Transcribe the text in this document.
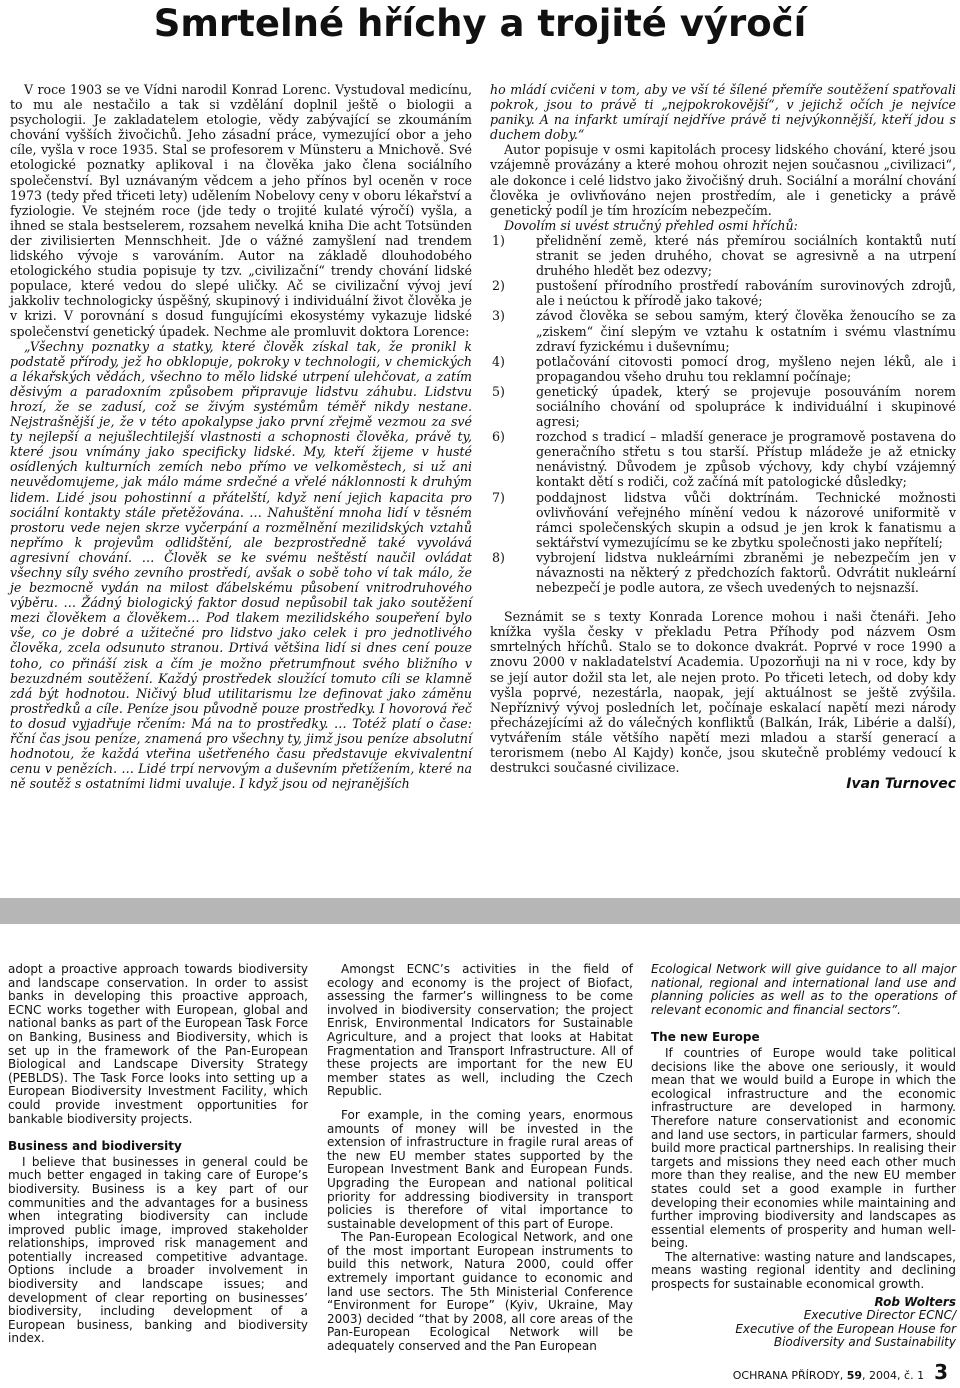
Smrtelné hříchy a trojité výročí

V roce 1903 se ve Vídni narodil Konrad Lorenc. Vystudoval medicínu, to mu ale nestačilo a tak si vzdělání doplnil ještě o biologii a psychologii. Je zakladatelem etologie, vědy zabývající se zkoumáním chování vyšších živočichů. Jeho zásadní práce, vymezující obor a jeho cíle, vyšla v roce 1935. Stal se profesorem v Münsteru a Mnichově. Své etologické poznatky aplikoval i na člověka jako člena sociálního společenství. Byl uznávaným vědcem a jeho přínos byl oceněn v roce 1973 (tedy před třiceti lety) udělením Nobelovy ceny v oboru lékařství a fyziologie. Ve stejném roce (jde tedy o trojité kulaté výročí) vyšla, a ihned se stala bestselerem, rozsahem nevelká kniha Die acht Totsünden der zivilisierten Mennschheit. Jde o vážné zamyšlení nad trendem lidského vývoje s varováním. Autor na základě dlouhodobého etologického studia popisuje ty tzv. „civilizační“ trendy chování lidské populace, které vedou do slepé uličky. Ač se civilizační vývoj jeví jakkoliv technologicky úspěšný, skupinový i individuální život člověka je v krizi. V porovnání s dosud fungujícími ekosystémy vykazuje lidské společenství genetický úpadek. Nechme ale promluvit doktora Lorence:

„Všechny poznatky a statky, které člověk získal tak, že pronikl k podstatě přírody, jež ho obklopuje, pokroky v technologii, v chemických a lékařských vědách, všechno to mělo lidské utrpení ulehčovat, a zatím děsivým a paradoxním způsobem připravuje lidstvu záhubu. Lidstvu hrozí, že se zadusí, což se živým systémům téměř nikdy nestane. Nejstrašnější je, že v této apokalypse jako první zřejmě vezmou za své ty nejlepší a nejušlechtilejší vlastnosti a schopnosti člověka, právě ty, které jsou vnímány jako specificky lidské. My, kteří žijeme v husté osídlených kulturních zemích nebo přímo ve velkoměstech, si už ani neuvědomujeme, jak málo máme srdečné a vřelé náklonnosti k druhým lidem. Lidé jsou pohostinní a přátelští, když není jejich kapacita pro sociální kontakty stále přetěžována. … Nahuštění mnoha lidí v těsném prostoru vede nejen skrze vyčerpání a rozmělnění mezilidských vztahů nepřímo k projevům odlidštění, ale bezprostředně také vyvolává agresivní chování. … Člověk se ke svému neštěstí naučil ovládat všechny síly svého zevního prostředí, avšak o sobě toho ví tak málo, že je bezmocně vydán na milost ďábelskému působení vnitrodruhového výběru. … Žádný biologický faktor dosud nepůsobil tak jako soutěžení mezi člověkem a člověkem… Pod tlakem mezilidského soupeření bylo vše, co je dobré a užitečné pro lidstvo jako celek i pro jednotlivého člověka, zcela odsunuto stranou. Drtivá většina lidí si dnes cení pouze toho, co přináší zisk a čím je možno přetrumfnout svého bližního v bezuzdném soutěžení. Každý prostředek sloužící tomuto cíli se klamně zdá být hodnotou. Ničivý blud utilitarismu lze definovat jako záměnu prostředků a cíle. Peníze jsou původně pouze prostředky. I hovorová řeč to dosud vyjadřuje rčením: Má na to prostředky. … Totéž platí o čase: řční čas jsou peníze, znamená pro všechny ty, jimž jsou peníze absolutní hodnotou, že každá vteřina ušetřeného času představuje ekvivalentní cenu v penězích. … Lidé trpí nervovým a duševním přetížením, které na ně soutěž s ostatními lidmi uvaluje. I když jsou od nejranějších

ho mládí cvičeni v tom, aby ve vší té šílené přemíře soutěžení spatřovali pokrok, jsou to právě ti „nejpokrokovější“, v jejichž očích je nejvíce paniky. A na infarkt umírají nejdříve právě ti nejvýkonnější, kteří jdou s duchem doby.“

Autor popisuje v osmi kapitolách procesy lidského chování, které jsou vzájemně provázány a které mohou ohrozit nejen současnou „civilizaci“, ale dokonce i celé lidstvo jako živočišný druh. Sociální a morální chování člověka je ovlivňováno nejen prostředím, ale i geneticky a právě genetický podíl je tím hrozícím nebezpečím.

Dovolím si uvést stručný přehled osmi hříchů:

1) přelidnění země, které nás přemírou sociálních kontaktů nutí stranit se jeden druhého, chovat se agresivně a na utrpení druhého hledět bez odezvy;
2) pustošení přírodního prostředí rabováním surovinových zdrojů, ale i neúctou k přírodě jako takové;
3) závod člověka se sebou samým, který člověka ženoucího se za „ziskem“ činí slepým ve vztahu k ostatním i svému vlastnímu zdraví fyzickému i duševnímu;
4) potlačování citovosti pomocí drog, myšleno nejen léků, ale i propagandou všeho druhu tou reklamní počínaje;
5) genetický úpadek, který se projevuje posouváním norem sociálního chování od spolupráce k individuální i skupinové agresi;
6) rozchod s tradicí – mladší generace je programově postavena do generačního střetu s tou starší. Přístup mládeže je až etnicky nenávistný. Důvodem je způsob výchovy, kdy chybí vzájemný kontakt dětí s rodiči, což začíná mít patologické důsledky;
7) poddajnost lidstva vůči doktrínám. Technické možnosti ovlivňování veřejného mínění vedou k názorové uniformitě v rámci společenských skupin a odsud je jen krok k fanatismu a sektářství vymezujícímu se ke zbytku společnosti jako nepřítelí;
8) vybrojení lidstva nukleárními zbraněmi je nebezpečím jen v návaznosti na některý z předchozích faktorů. Odvrátit nukleární nebezpečí je podle autora, ze všech uvedených to nejsnazší.

Seznámit se s texty Konrada Lorence mohou i naši čtenáři. Jeho knížka vyšla česky v překladu Petra Příhody pod názvem Osm smrtelných hříchů. Stalo se to dokonce dvakrát. Poprvé v roce 1990 a znovu 2000 v nakladatelství Academia. Upozorňuji na ni v roce, kdy by se její autor dožil sta let, ale nejen proto. Po třiceti letech, od doby kdy vyšla poprvé, nezestárla, naopak, její aktuálnost se ještě zvýšila. Nepříznivý vývoj posledních let, počínaje eskalací napětí mezi národy přecházejícími až do válečných konfliktů (Balkán, Irák, Libérie a další), vytvářením stále většího napětí mezi mladou a starší generací a terorismem (nebo Al Kajdy) konče, jsou skutečně problémy vedoucí k destrukci současné civilizace.

Ivan Turnovec

adopt a proactive approach towards biodiversity and landscape conservation. In order to assist banks in developing this proactive approach, ECNC works together with European, global and national banks as part of the European Task Force on Banking, Business and Biodiversity, which is set up in the framework of the Pan-European Biological and Landscape Diversity Strategy (PEBLDS). The Task Force looks into setting up a European Biodiversity Investment Facility, which could provide investment opportunities for bankable biodiversity projects.

Business and biodiversity

I believe that businesses in general could be much better engaged in taking care of Europe’s biodiversity. Business is a key part of our communities and the advantages for a business when integrating biodiversity can include improved public image, improved stakeholder relationships, improved risk management and potentially increased competitive advantage. Options include a broader involvement in biodiversity and landscape issues; and development of clear reporting on businesses’ biodiversity, including development of a European business, banking and biodiversity index.

Amongst ECNC’s activities in the field of ecology and economy is the project of Biofact, assessing the farmer’s willingness to be come involved in biodiversity conservation; the project Enrisk, Environmental Indicators for Sustainable Agriculture, and a project that looks at Habitat Fragmentation and Transport Infrastructure. All of these projects are important for the new EU member states as well, including the Czech Republic.

For example, in the coming years, enormous amounts of money will be invested in the extension of infrastructure in fragile rural areas of the new EU member states supported by the European Investment Bank and European Funds. Upgrading the European and national political priority for addressing biodiversity in transport policies is therefore of vital importance to sustainable development of this part of Europe.

The Pan-European Ecological Network, and one of the most important European instruments to build this network, Natura 2000, could offer extremely important guidance to economic and land use sectors. The 5th Ministerial Conference “Environment for Europe” (Kyiv, Ukraine, May 2003) decided “that by 2008, all core areas of the Pan-European Ecological Network will be adequately conserved and the Pan European

Ecological Network will give guidance to all major national, regional and international land use and planning policies as well as to the operations of relevant economic and financial sectors”.

The new Europe

If countries of Europe would take political decisions like the above one seriously, it would mean that we would build a Europe in which the ecological infrastructure and the economic infrastructure are developed in harmony. Therefore nature conservationist and economic and land use sectors, in particular farmers, should build more practical partnerships. In realising their targets and missions they need each other much more than they realise, and the new EU member states could set a good example in further developing their economies while maintaining and further improving biodiversity and landscapes as essential elements of prosperity and human well-being.

The alternative: wasting nature and landscapes, means wasting regional identity and declining prospects for sustainable economical growth.

Rob Wolters
Executive Director ECNC/
Executive of the European House for
Biodiversity and Sustainability
OCHRANA PŘÍRODY, 59, 2004, č. 1 3
